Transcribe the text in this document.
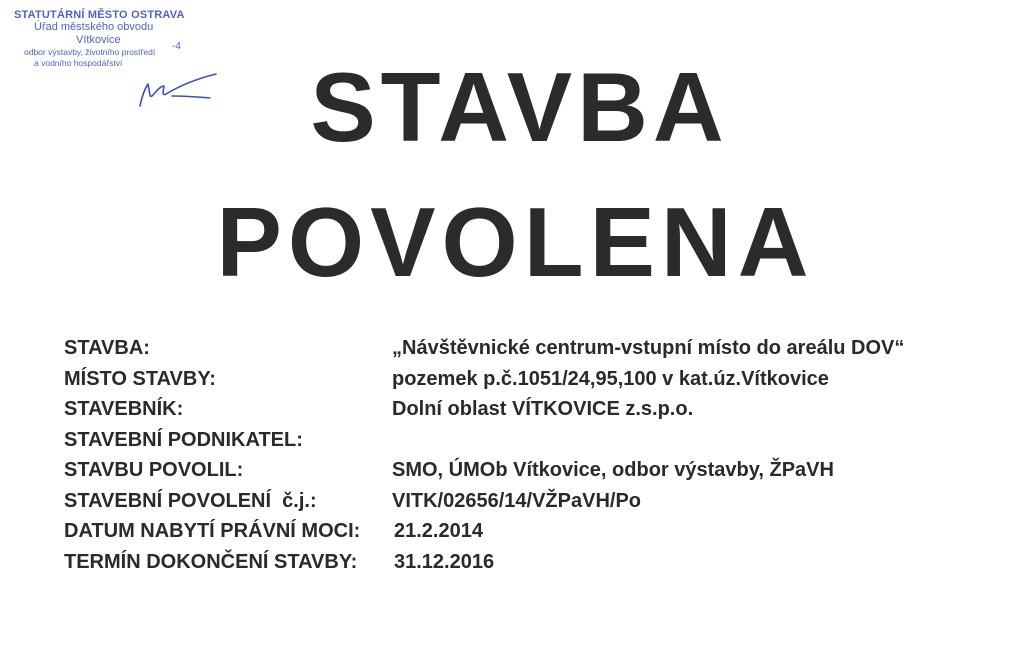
STATUTÁRNÍ MĚSTO OSTRAVA
Úřad městského obvodu
Vítkovice
odbor výstavby, životního prostředí
a vodního hospodářství
-4
STAVBA
POVOLENA
STAVBA:	„Návštěvnické centrum-vstupní místo do areálu DOV“
MÍSTO STAVBY:	pozemek p.č.1051/24,95,100 v kat.úz.Vítkovice
STAVEBNÍK:	Dolní oblast VÍTKOVICE z.s.p.o.
STAVEBNÍ PODNIKATEL:
STAVBU POVOLIL:	SMO, ÚMOb Vítkovice, odbor výstavby, ŽPaVH
STAVEBNÍ POVOLENÍ  č.j.:	VITK/02656/14/VŽPaVH/Po
DATUM NABYTÍ PRÁVNÍ MOCI: 21.2.2014
TERMÍN DOKONČENÍ STAVBY: 31.12.2016
